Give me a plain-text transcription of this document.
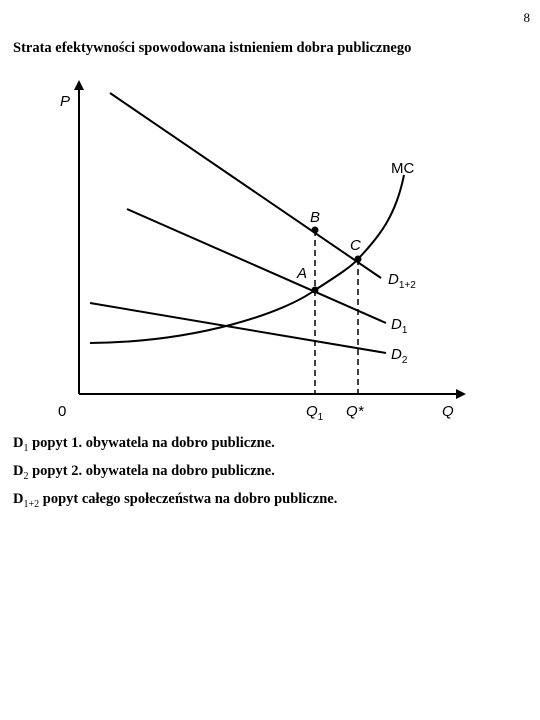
8
Strata efektywności spowodowana istnieniem dobra publicznego
P
Q
0
MC
B
C
A	$D_{1+2}$
$D_1$
$D_2$
$Q_1$ Q*
$D_1$ popyt 1. obywatela na dobro publiczne.
$D_2$ popyt 2. obywatela na dobro publiczne.
$D_{1+2}$ popyt całego społeczeństwa na dobro publiczne.
